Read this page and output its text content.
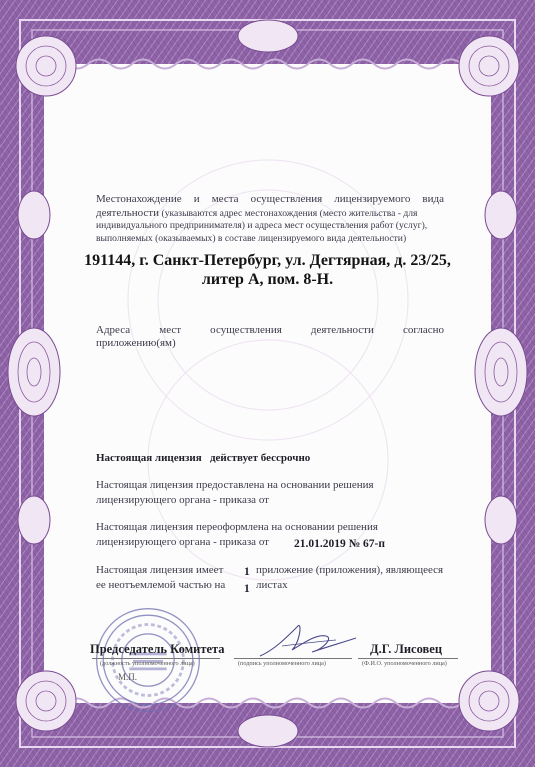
Местонахождение и места осуществления лицензируемого вида
деятельности (указываются адрес местонахождения (место жительства - для
индивидуального предпринимателя) и адреса мест осуществления работ (услуг),
выполняемых (оказываемых) в составе лицензируемого вида деятельности)
191144, г. Санкт-Петербург, ул. Дегтярная, д. 23/25,
литер А, пом. 8-Н.
Адреса мест осуществления деятельности согласно
приложению(ям)
Настоящая лицензия действует бессрочно
Настоящая лицензия предоставлена на основании решения
лицензирующего органа - приказа от
Настоящая лицензия переоформлена на основании решения
лицензирующего органа - приказа от 21.01.2019 № 67-п
Настоящая лицензия имеет
ее неотъемлемой частью на
1
1
приложение (приложения), являющееся
листах
Председатель Комитета
(должность уполномоченного лица)	(подпись уполномоченного лица)
Д.Г. Лисовец
(Ф.И.О. уполномоченного лица)
М.П.
